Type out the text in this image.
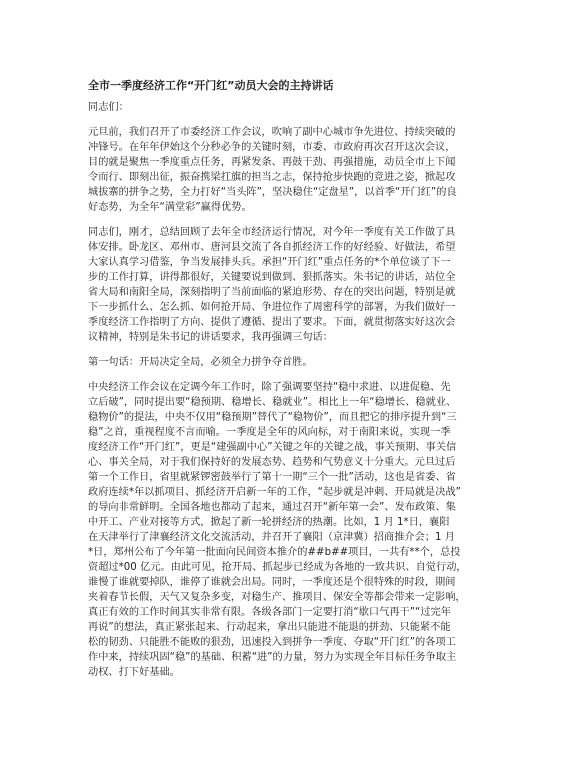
全市一季度经济工作“开门红”动员大会的主持讲话
同志们：
元旦前，我们召开了市委经济工作会议，吹响了副中心城市争先进位、持续突破的
冲锋号。在年年伊始这个分秒必争的关键时刻，市委、市政府再次召开这次会议，
目的就是聚焦一季度重点任务，再紧发条、再鼓干劲、再强措施，动员全市上下闻
令而行、即刻出征，振奋携梁扛旗的担当之志，保持抢步快跑的竞进之姿，掀起攻
城拔寨的拼争之势，全力打好“当头阵”，坚决稳住“定盘星”，以首季“开门红”的良
好态势，为全年“满堂彩”赢得优势。
同志们，刚才，总结回顾了去年全市经济运行情况，对今年一季度有关工作做了具
体安排。卧龙区、邓州市、唐河县交流了各自抓经济工作的好经验、好做法，希望
大家认真学习借鉴，争当发展排头兵。承担“开门红”重点任务的*个单位谈了下一
步的工作打算，讲得都很好，关键要说到做到、狠抓落实。朱书记的讲话，站位全
省大局和南阳全局，深刻指明了当前面临的紧迫形势、存在的突出问题，特别是就
下一步抓什么、怎么抓、如何抢开局、争进位作了周密科学的部署，为我们做好一
季度经济工作指明了方向、提供了遵循、提出了要求。下面，就贯彻落实好这次会
议精神，特别是朱书记的讲话要求，我再强调三句话：
第一句话：开局决定全局，必须全力拼争夺首胜。
中央经济工作会议在定调今年工作时，除了强调要坚持“稳中求进、以进促稳、先
立后破”，同时提出要“稳预期、稳增长、稳就业”。相比上一年“稳增长、稳就业、
稳物价”的提法，中央不仅用“稳预期”替代了“稳物价”，而且把它的排序提升到“三
稳”之首，重视程度不言而喻。一季度是全年的风向标，对于南阳来说，实现一季
度经济工作“开门红”，更是“建强副中心”关键之年的关键之战，事关预期、事关信
心、事关全局，对于我们保持好的发展态势、趋势和气势意义十分重大。元旦过后
第一个工作日，省里就紧锣密鼓举行了第十一期“三个一批”活动，这也是省委、省
政府连续*年以抓项目、抓经济开启新一年的工作，“起步就是冲刺、开局就是决战”
的导向非常鲜明。全国各地也都动了起来，通过召开“新年第一会”、发布政策、集
中开工、产业对接等方式，掀起了新一轮拼经济的热潮。比如，1 月 1*日，襄阳
在天津举行了津襄经济文化交流活动，并召开了襄阳（京津冀）招商推介会；1 月
*日，郑州公布了今年第一批面向民间资本推介的##b##项目，一共有**个，总投
资超过*00 亿元。由此可见，抢开局、抓起步已经成为各地的一致共识、自觉行动，
谁慢了谁就要掉队，谁停了谁就会出局。同时，一季度还是个很特殊的时段，期间
夹着春节长假，天气又复杂多变，对稳生产、推项目、保安全等都会带来一定影响，
真正有效的工作时间其实非常有限。各级各部门一定要打消“歇口气再干”“过完年
再说”的想法，真正紧张起来、行动起来，拿出只能进不能退的拼劲、只能紧不能
松的韧劲、只能胜不能败的狠劲，迅速投入到拼争一季度、夺取“开门红”的各项工
作中来，持续巩固“稳”的基础、积蓄“进”的力量，努力为实现全年目标任务争取主
动权、打下好基础。
